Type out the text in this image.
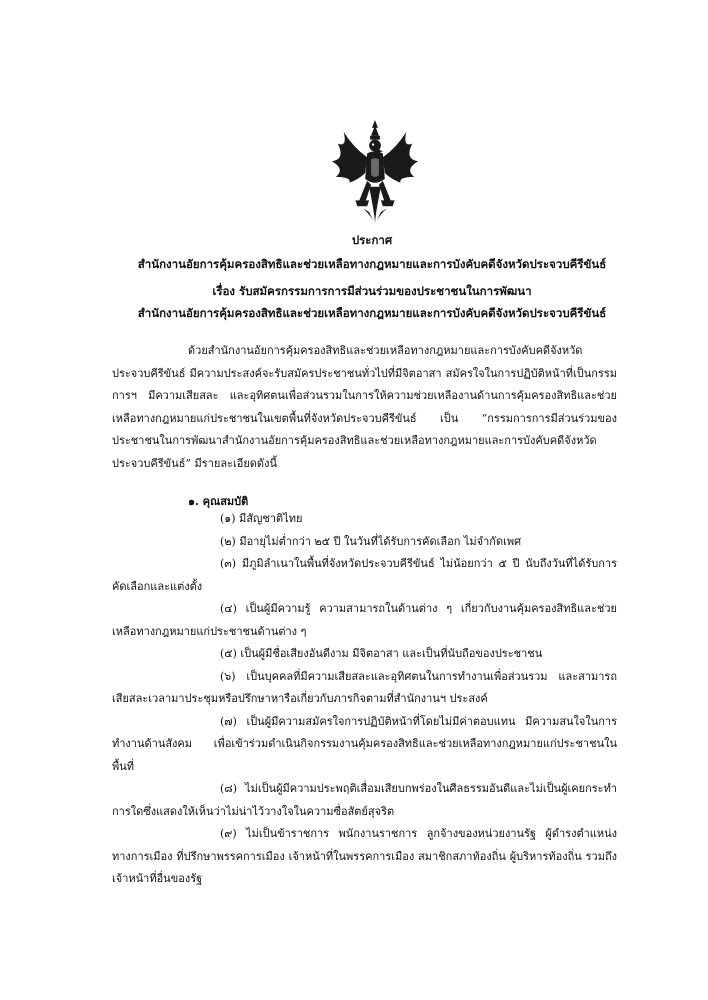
ประกาศ
สำนักงานอัยการคุ้มครองสิทธิและช่วยเหลือทางกฎหมายและการบังคับคดีจังหวัดประจวบคีรีขันธ์
เรื่อง รับสมัครกรรมการการมีส่วนร่วมของประชาชนในการพัฒนา
สำนักงานอัยการคุ้มครองสิทธิและช่วยเหลือทางกฎหมายและการบังคับคดีจังหวัดประจวบคีรีขันธ์

ด้วยสำนักงานอัยการคุ้มครองสิทธิและช่วยเหลือทางกฎหมายและการบังคับคดีจังหวัดประจวบคีรีขันธ์ มีความประสงค์จะรับสมัครประชาชนทั่วไปที่มีจิตอาสา สมัครใจในการปฏิบัติหน้าที่เป็นกรรมการฯ มีความเสียสละ และอุทิศตนเพื่อส่วนรวมในการให้ความช่วยเหลืองานด้านการคุ้มครองสิทธิและช่วยเหลือทางกฎหมายแก่ประชาชนในเขตพื้นที่จังหวัดประจวบคีรีขันธ์ เป็น “กรรมการการมีส่วนร่วมของประชาชนในการพัฒนาสำนักงานอัยการคุ้มครองสิทธิและช่วยเหลือทางกฎหมายและการบังคับคดีจังหวัดประจวบคีรีขันธ์” มีรายละเอียดดังนี้

๑. คุณสมบัติ

(๑) มีสัญชาติไทย

(๒) มีอายุไม่ต่ำกว่า ๒๕ ปี ในวันที่ได้รับการคัดเลือก ไม่จำกัดเพศ

(๓) มีภูมิลำเนาในพื้นที่จังหวัดประจวบคีรีขันธ์ ไม่น้อยกว่า ๕ ปี นับถึงวันที่ได้รับการคัดเลือกและแต่งตั้ง

(๔) เป็นผู้มีความรู้ ความสามารถในด้านต่าง ๆ เกี่ยวกับงานคุ้มครองสิทธิและช่วยเหลือทางกฎหมายแก่ประชาชนด้านต่าง ๆ

(๕) เป็นผู้มีชื่อเสียงอันดีงาม มีจิตอาสา และเป็นที่นับถือของประชาชน

(๖) เป็นบุคคลที่มีความเสียสละและอุทิศตนในการทำงานเพื่อส่วนรวม และสามารถเสียสละเวลามาประชุมหรือปรึกษาหารือเกี่ยวกับภารกิจตามที่สำนักงานฯ ประสงค์

(๗) เป็นผู้มีความสมัครใจการปฏิบัติหน้าที่โดยไม่มีค่าตอบแทน มีความสนใจในการทำงานด้านสังคม เพื่อเข้าร่วมดำเนินกิจกรรมงานคุ้มครองสิทธิและช่วยเหลือทางกฎหมายแก่ประชาชนในพื้นที่

(๘) ไม่เป็นผู้มีความประพฤติเสื่อมเสียบกพร่องในศีลธรรมอันดีและไม่เป็นผู้เคยกระทำการใดซึ่งแสดงให้เห็นว่าไม่น่าไว้วางใจในความซื่อสัตย์สุจริต

(๙) ไม่เป็นข้าราชการ พนักงานราชการ ลูกจ้างของหน่วยงานรัฐ ผู้ดำรงตำแหน่งทางการเมือง ที่ปรึกษาพรรคการเมือง เจ้าหน้าที่ในพรรคการเมือง สมาชิกสภาท้องถิ่น ผู้บริหารท้องถิ่น รวมถึงเจ้าหน้าที่อื่นของรัฐ
